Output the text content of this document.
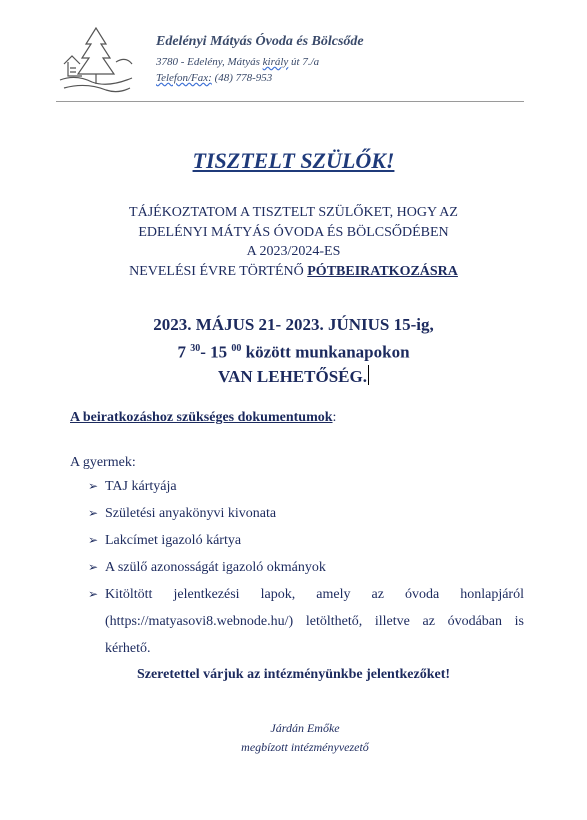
Edelényi Mátyás Óvoda és Bölcsőde
3780 - Edelény, Mátyás király út 7./a
Telefon/Fax: (48) 778-953
TISZTELT SZÜLŐK!
TÁJÉKOZTATOM A TISZTELT SZÜLŐKET, HOGY AZ
EDELÉNYI MÁTYÁS ÓVODA ÉS BÖLCSŐDÉBEN
A 2023/2024-ES
NEVELÉSI ÉVRE TÖRTÉNŐ PÓTBEIRATKOZÁSRA
2023. MÁJUS 21- 2023. JÚNIUS 15-ig,
7 $^{30}$- 15 $^{00}$ között munkanapokon
VAN LEHETŐSÉG.
A beiratkozáshoz szükséges dokumentumok:
A gyermek:
➢ TAJ kártyája
➢ Születési anyakönyvi kivonata
➢ Lakcímet igazoló kártya
➢ A szülő azonosságát igazoló okmányok
➢ Kitöltött jelentkezési lapok, amely az óvoda honlapjáról (https://matyasovi8.webnode.hu/) letölthető, illetve az óvodában is kérhető.
Szeretettel várjuk az intézményünkbe jelentkezőket!
Járdán Emőke
megbízott intézményvezető
